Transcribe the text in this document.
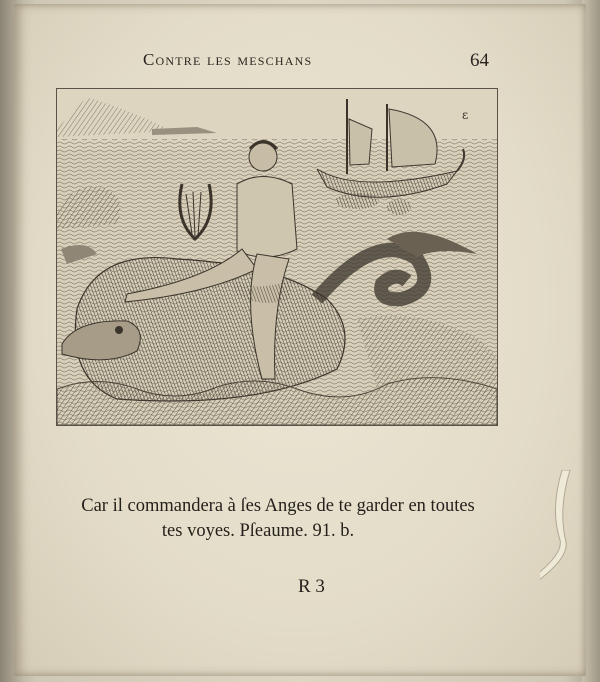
Contre les meschans	64
ε
Car il commandera à ſes Anges de te garder en toutes
tes voyes. Pſeaume. 91. b.
R 3
